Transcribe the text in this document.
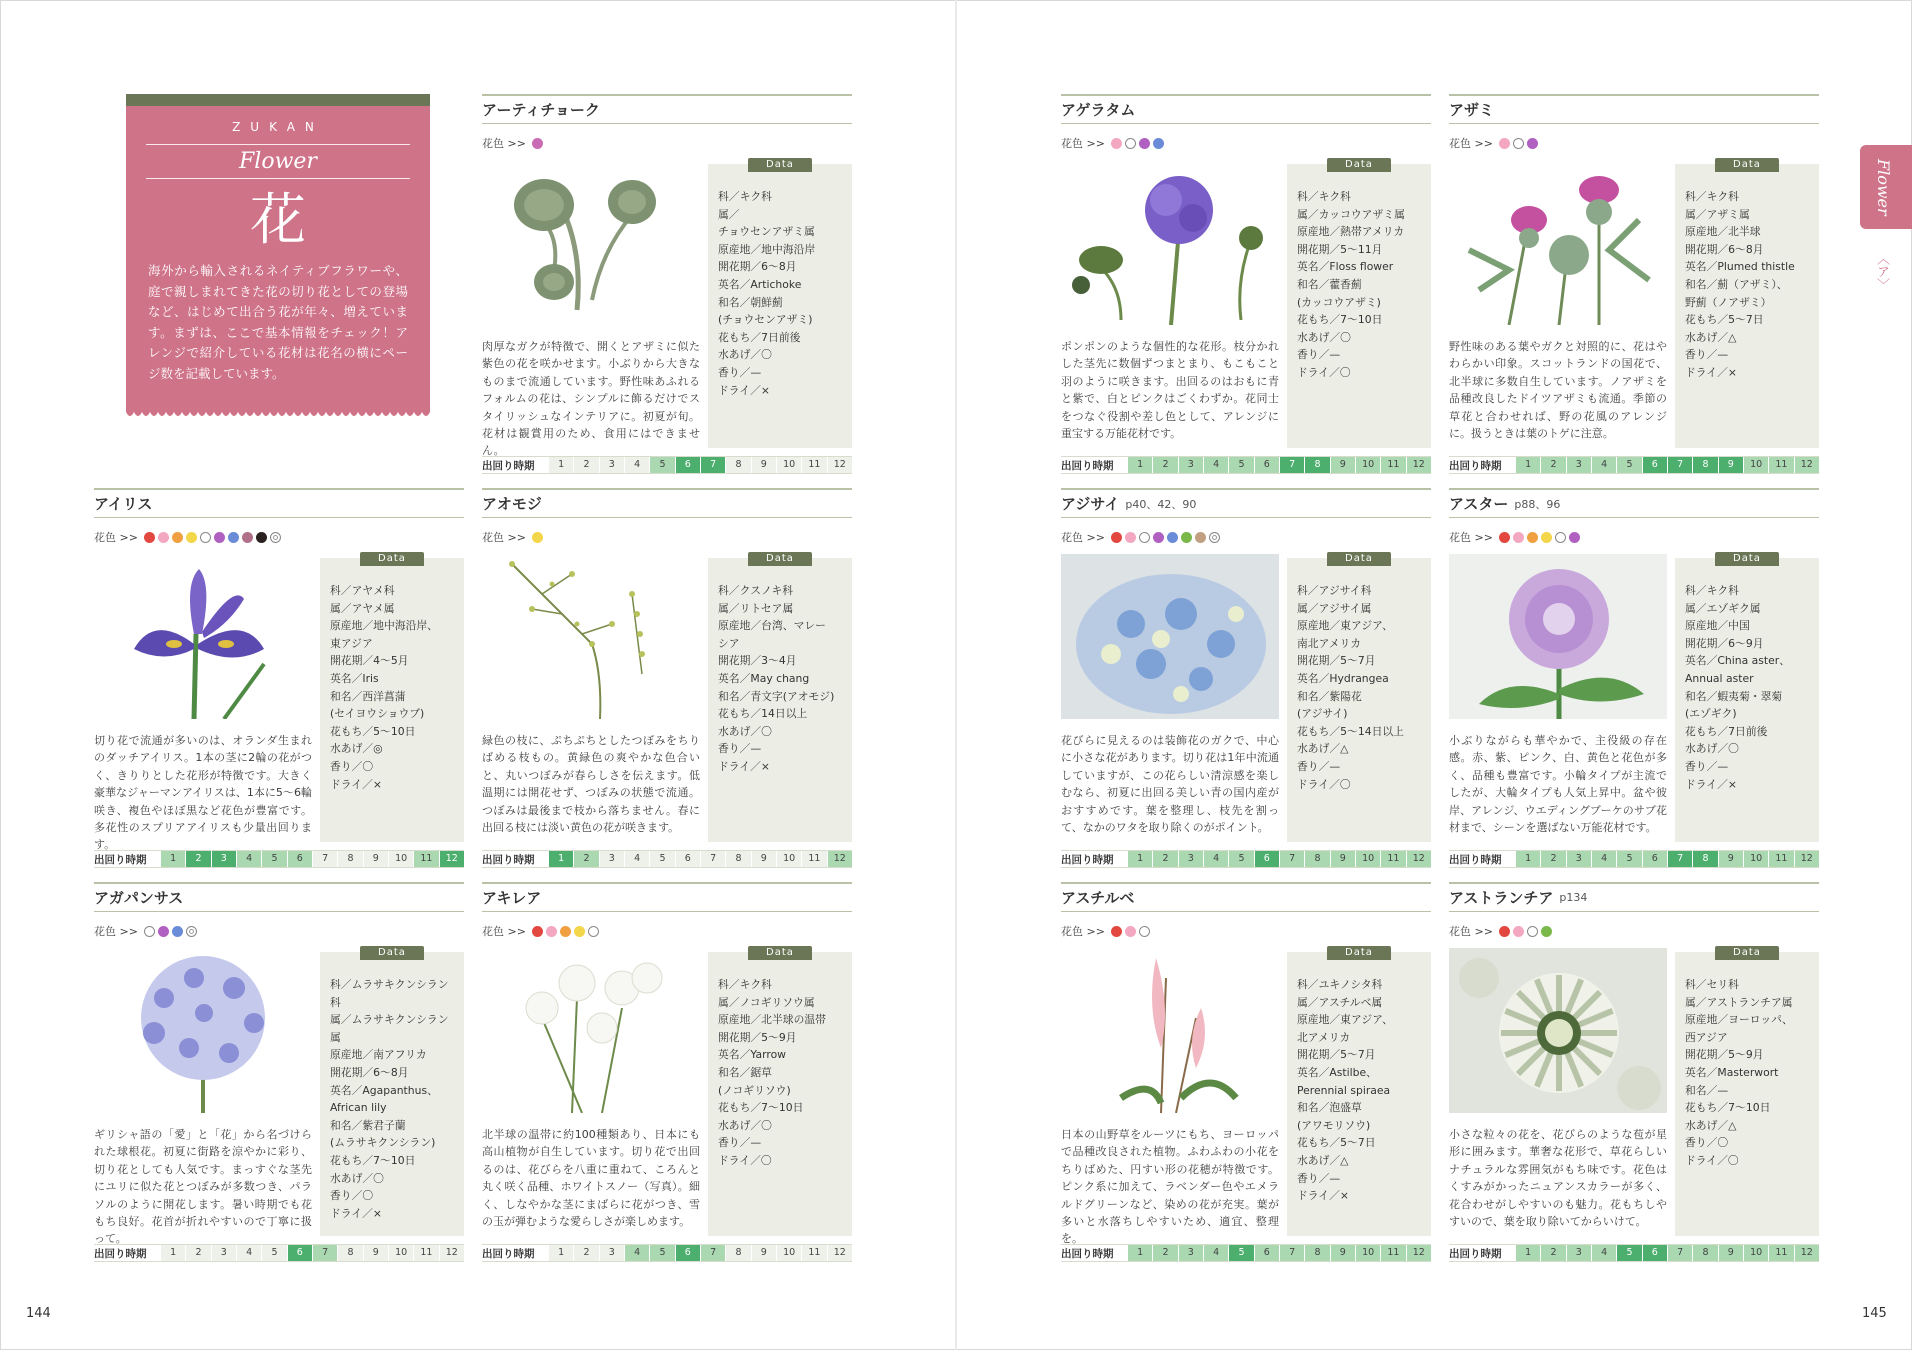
ZUKAN
Flower
花
海外から輸入されるネイティブフラワーや、庭で親しまれてきた花の切り花としての登場など、はじめて出合う花が年々、増えています。まずは、ここで基本情報をチェック！アレンジで紹介している花材は花名の横にページ数を記載しています。
アーティチョーク
花色 >>
肉厚なガクが特徴で、開くとアザミに似た紫色の花を咲かせます。小ぶりから大きなものまで流通しています。野性味あふれるフォルムの花は、シンプルに飾るだけでスタイリッシュなインテリアに。初夏が旬。花材は観賞用のため、食用にはできません。
Data
科／キク科
属／
チョウセンアザミ属
原産地／地中海沿岸
開花期／6〜8月
英名／Artichoke
和名／朝鮮薊
(チョウセンアザミ)
花もち／7日前後
水あげ／〇
香り／—
ドライ／×
出回り時期	1	2	3	4	5	6	7	8	9	10	11	12
アゲラタム
花色 >>
ポンポンのような個性的な花形。枝分かれした茎先に数個ずつまとまり、もこもこと羽のように咲きます。出回るのはおもに青と紫で、白とピンクはごくわずか。花同士をつなぐ役割や差し色として、アレンジに重宝する万能花材です。
Data
科／キク科
属／カッコウアザミ属
原産地／熱帯アメリカ
開花期／5〜11月
英名／Floss flower
和名／藿香薊
(カッコウアザミ)
花もち／7〜10日
水あげ／〇
香り／—
ドライ／〇
出回り時期	1	2	3	4	5	6	7	8	9	10	11	12
アザミ
花色 >>
野性味のある葉やガクと対照的に、花はやわらかい印象。スコットランドの国花で、北半球に多数自生しています。ノアザミを品種改良したドイツアザミも流通。季節の草花と合わせれば、野の花風のアレンジに。扱うときは葉のトゲに注意。
Data
科／キク科
属／アザミ属
原産地／北半球
開花期／6〜8月
英名／Plumed thistle
和名／薊（アザミ）、
野薊（ノアザミ）
花もち／5〜7日
水あげ／△
香り／—
ドライ／×
出回り時期	1	2	3	4	5	6	7	8	9	10	11	12
アイリス
花色 >>
切り花で流通が多いのは、オランダ生まれのダッチアイリス。1本の茎に2輪の花がつく、きりりとした花形が特徴です。大きく豪華なジャーマンアイリスは、1本に5〜6輪咲き、複色やほぼ黒など花色が豊富です。多花性のスプリアアイリスも少量出回ります。
Data
科／アヤメ科
属／アヤメ属
原産地／地中海沿岸、
東アジア
開花期／4〜5月
英名／Iris
和名／西洋菖蒲
(セイヨウショウブ)
花もち／5〜10日
水あげ／◎
香り／〇
ドライ／×
出回り時期	1	2	3	4	5	6	7	8	9	10	11	12
アオモジ
花色 >>
緑色の枝に、ぷちぷちとしたつぼみをちりばめる枝もの。黄緑色の爽やかな色合いと、丸いつぼみが春らしさを伝えます。低温期には開花せず、つぼみの状態で流通。つぼみは最後まで枝から落ちません。春に出回る枝には淡い黄色の花が咲きます。
Data
科／クスノキ科
属／リトセア属
原産地／台湾、マレー
シア
開花期／3〜4月
英名／May chang
和名／青文字(アオモジ)
花もち／14日以上
水あげ／〇
香り／—
ドライ／×
出回り時期	1	2	3	4	5	6	7	8	9	10	11	12
アジサイ p40、42、90
花色 >>
花びらに見えるのは装飾花のガクで、中心に小さな花があります。切り花は1年中流通していますが、この花らしい清涼感を楽しむなら、初夏に出回る美しい青の国内産がおすすめです。葉を整理し、枝先を割って、なかのワタを取り除くのがポイント。
Data
科／アジサイ科
属／アジサイ属
原産地／東アジア、
南北アメリカ
開花期／5〜7月
英名／Hydrangea
和名／紫陽花
(アジサイ)
花もち／5〜14日以上
水あげ／△
香り／—
ドライ／〇
出回り時期	1	2	3	4	5	6	7	8	9	10	11	12
アスター p88、96
花色 >>
小ぶりながらも華やかで、主役級の存在感。赤、紫、ピンク、白、黄色と花色が多く、品種も豊富です。小輪タイプが主流でしたが、大輪タイプも人気上昇中。盆や彼岸、アレンジ、ウエディングブーケのサブ花材まで、シーンを選ばない万能花材です。
Data
科／キク科
属／エゾギク属
原産地／中国
開花期／6〜9月
英名／China aster、
Annual aster
和名／蝦夷菊・翠菊
(エゾギク)
花もち／7日前後
水あげ／〇
香り／—
ドライ／×
出回り時期	1	2	3	4	5	6	7	8	9	10	11	12
アガパンサス
花色 >>
ギリシャ語の「愛」と「花」から名づけられた球根花。初夏に街路を涼やかに彩り、切り花としても人気です。まっすぐな茎先にユリに似た花とつぼみが多数つき、パラソルのように開花します。暑い時期でも花もち良好。花首が折れやすいので丁寧に扱って。
Data
科／ムラサキクンシラン科
属／ムラサキクンシラン属
原産地／南アフリカ
開花期／6〜8月
英名／Agapanthus、
African lily
和名／紫君子蘭
(ムラサキクンシラン)
花もち／7〜10日
水あげ／〇
香り／〇
ドライ／×
出回り時期	1	2	3	4	5	6	7	8	9	10	11	12
アキレア
花色 >>
北半球の温帯に約100種類あり、日本にも高山植物が自生しています。切り花で出回るのは、花びらを八重に重ねて、ころんと丸く咲く品種、ホワイトスノー（写真）。細く、しなやかな茎にまばらに花がつき、雪の玉が弾むような愛らしさが楽しめます。
Data
科／キク科
属／ノコギリソウ属
原産地／北半球の温帯
開花期／5〜9月
英名／Yarrow
和名／鋸草
(ノコギリソウ)
花もち／7〜10日
水あげ／〇
香り／—
ドライ／〇
出回り時期	1	2	3	4	5	6	7	8	9	10	11	12
アスチルベ
花色 >>
日本の山野草をルーツにもち、ヨーロッパで品種改良された植物。ふわふわの小花をちりばめた、円すい形の花穂が特徴です。ピンク系に加えて、ラベンダー色やエメラルドグリーンなど、染めの花が充実。葉が多いと水落ちしやすいため、適宜、整理を。
Data
科／ユキノシタ科
属／アスチルベ属
原産地／東アジア、
北アメリカ
開花期／5〜7月
英名／Astilbe、
Perennial spiraea
和名／泡盛草
(アワモリソウ)
花もち／5〜7日
水あげ／△
香り／—
ドライ／×
出回り時期	1	2	3	4	5	6	7	8	9	10	11	12
アストランチア p134
花色 >>
小さな粒々の花を、花びらのような苞が星形に囲みます。華奢な花形で、草花らしいナチュラルな雰囲気がもち味です。花色はくすみがかったニュアンスカラーが多く、花合わせがしやすいのも魅力。花もちしやすいので、葉を取り除いてからいけて。
Data
科／セリ科
属／アストランチア属
原産地／ヨーロッパ、
西アジア
開花期／5〜9月
英名／Masterwort
和名／—
花もち／7〜10日
水あげ／△
香り／〇
ドライ／〇
出回り時期	1	2	3	4	5	6	7	8	9	10	11	12
Flower
〈ア〉
144	145
